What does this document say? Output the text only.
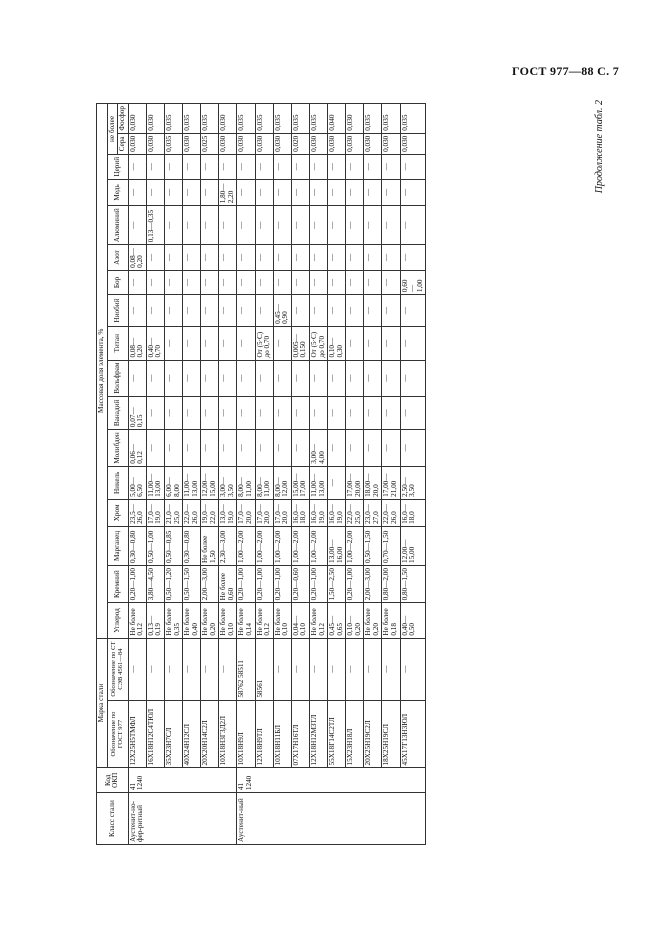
ГОСТ 977—88 С. 7
Продолжение табл. 2
Класс стали	Код ОКП	Марка стали		Массовая доля элемента, %																
		Обозначение по ГОСТ 977	Обозначение по СТ СЭВ 4561—84	Углерод	Кремний	Марганец	Хром	Никель	Молибден	Ванадий	Вольфрам	Титан	Ниобий	Бор	Азот	Алюминий	Медь	Церий	не более	
																			Сера	Фосфор
Аустенит-но-фер-ритный	41 1240	12Х25Н5ТМФЛ	—	Не более 0,12	0,20—1,00	0,30—0,80	23,5—26,0	5,00—6,50	0,06—0,12	0,07—0,15	—	0,08—0,20	—	—	0,08—0,20	—	—	—	0,030	0,030
		16Х18Н12С4ТЮЛ	—	0,13—0,19	3,80—4,50	0,50—1,00	17,0—19,0	11,00—13,00	—	—	—	0,40—0,70	—	—	—	0,13—0,35	—	—	0,030	0,030
		35Х23Н7СЛ	—	Не более 0,35	0,50—1,20	0,50—0,85	21,0—25,0	6,00—8,00	—	—	—	—	—	—	—	—	—	—	0,035	0,035
		40Х24Н12СЛ	—	Не более 0,40	0,50—1,50	0,30—0,80	22,0—26,0	11,00—13,00	—	—	—	—	—	—	—	—	—	—	0,030	0,035
		20Х20Н14С2Л	—	Не более 0,20	2,00—3,00	Не более 1,50	19,0—22,0	12,00—15,00	—	—	—	—	—	—	—	—	—	—	0,025	0,035
		10Х18Н3Г3Д2Л	—	Не более 0,10	Не более 0,60	2,30—3,00	13,0—19,0	3,00—3,50	—	—	—	—	—	—	—	—	1,80—2,20	—	0,030	0,030
Аустенит-ный	41 1240	10Х18Н9Л	58762 58511	Не более 0,14	0,20—1,00	1,00—2,00	17,0—20,0	8,00—11,00	—	—	—	—	—	—	—	—	—	—	0,030	0,035
		12Х18Н9ТЛ	58561	Не более 0,12	0,20—1,00	1,00—2,00	17,0—20,0	8,00—11,00	—	—	—	От (5·С) до 0,70	—	—	—	—	—	—	0,030	0,035
		10Х18Н11БЛ	—	Не более 0,10	0,20—1,00	1,00—2,00	17,0—20,0	8,00—12,00	—	—	—	—	0,45—0,90	—	—	—	—	—	0,030	0,035
		07Х17Н16ТЛ	—	0,04—0,10	0,20—0,60	1,00—2,00	16,0—18,0	15,00—17,00	—	—	—	0,005—0,150	—	—	—	—	—	—	0,020	0,035
		12Х18Н12М3ТЛ	—	Не более 0,12	0,20—1,00	1,00—2,00	16,0—19,0	11,00—13,00	3,00—4,00	—	—	От (5·С) до 0,70	—	—	—	—	—	—	0,030	0,035
		55Х18Г14С2ТЛ	—	0,45—0,65	1,50—2,50	13,00—16,00	16,0—19,0	—	—	—	—	0,10—0,30	—	—	—	—	—	—	0,030	0,040
		15Х23Н18Л	—	0,10—0,20	0,20—1,00	1,00—2,00	22,0—25,0	17,00—20,00	—	—	—	—	—	—	—	—	—	—	0,030	0,030
		20Х25Н19С2Л	—	Не более 0,20	2,00—3,00	0,50—1,50	23,0—27,0	18,00—20,0	—	—	—	—	—	—	—	—	—	—	0,030	0,035
		18Х25Н19СЛ	—	Не более 0,18	0,80—2,00	0,70—1,50	22,0—26,0	17,00—21,00	—	—	—	—	—	—	—	—	—	—	0,030	0,035
		45Х17Г13Н3ЮЛ	—	0,40—0,50	0,80—1,50	12,00—15,00	16,0—18,0	2,50—3,50	—	—	—	—	—	0,60—1,00	—	—	—	—	0,030	0,035
